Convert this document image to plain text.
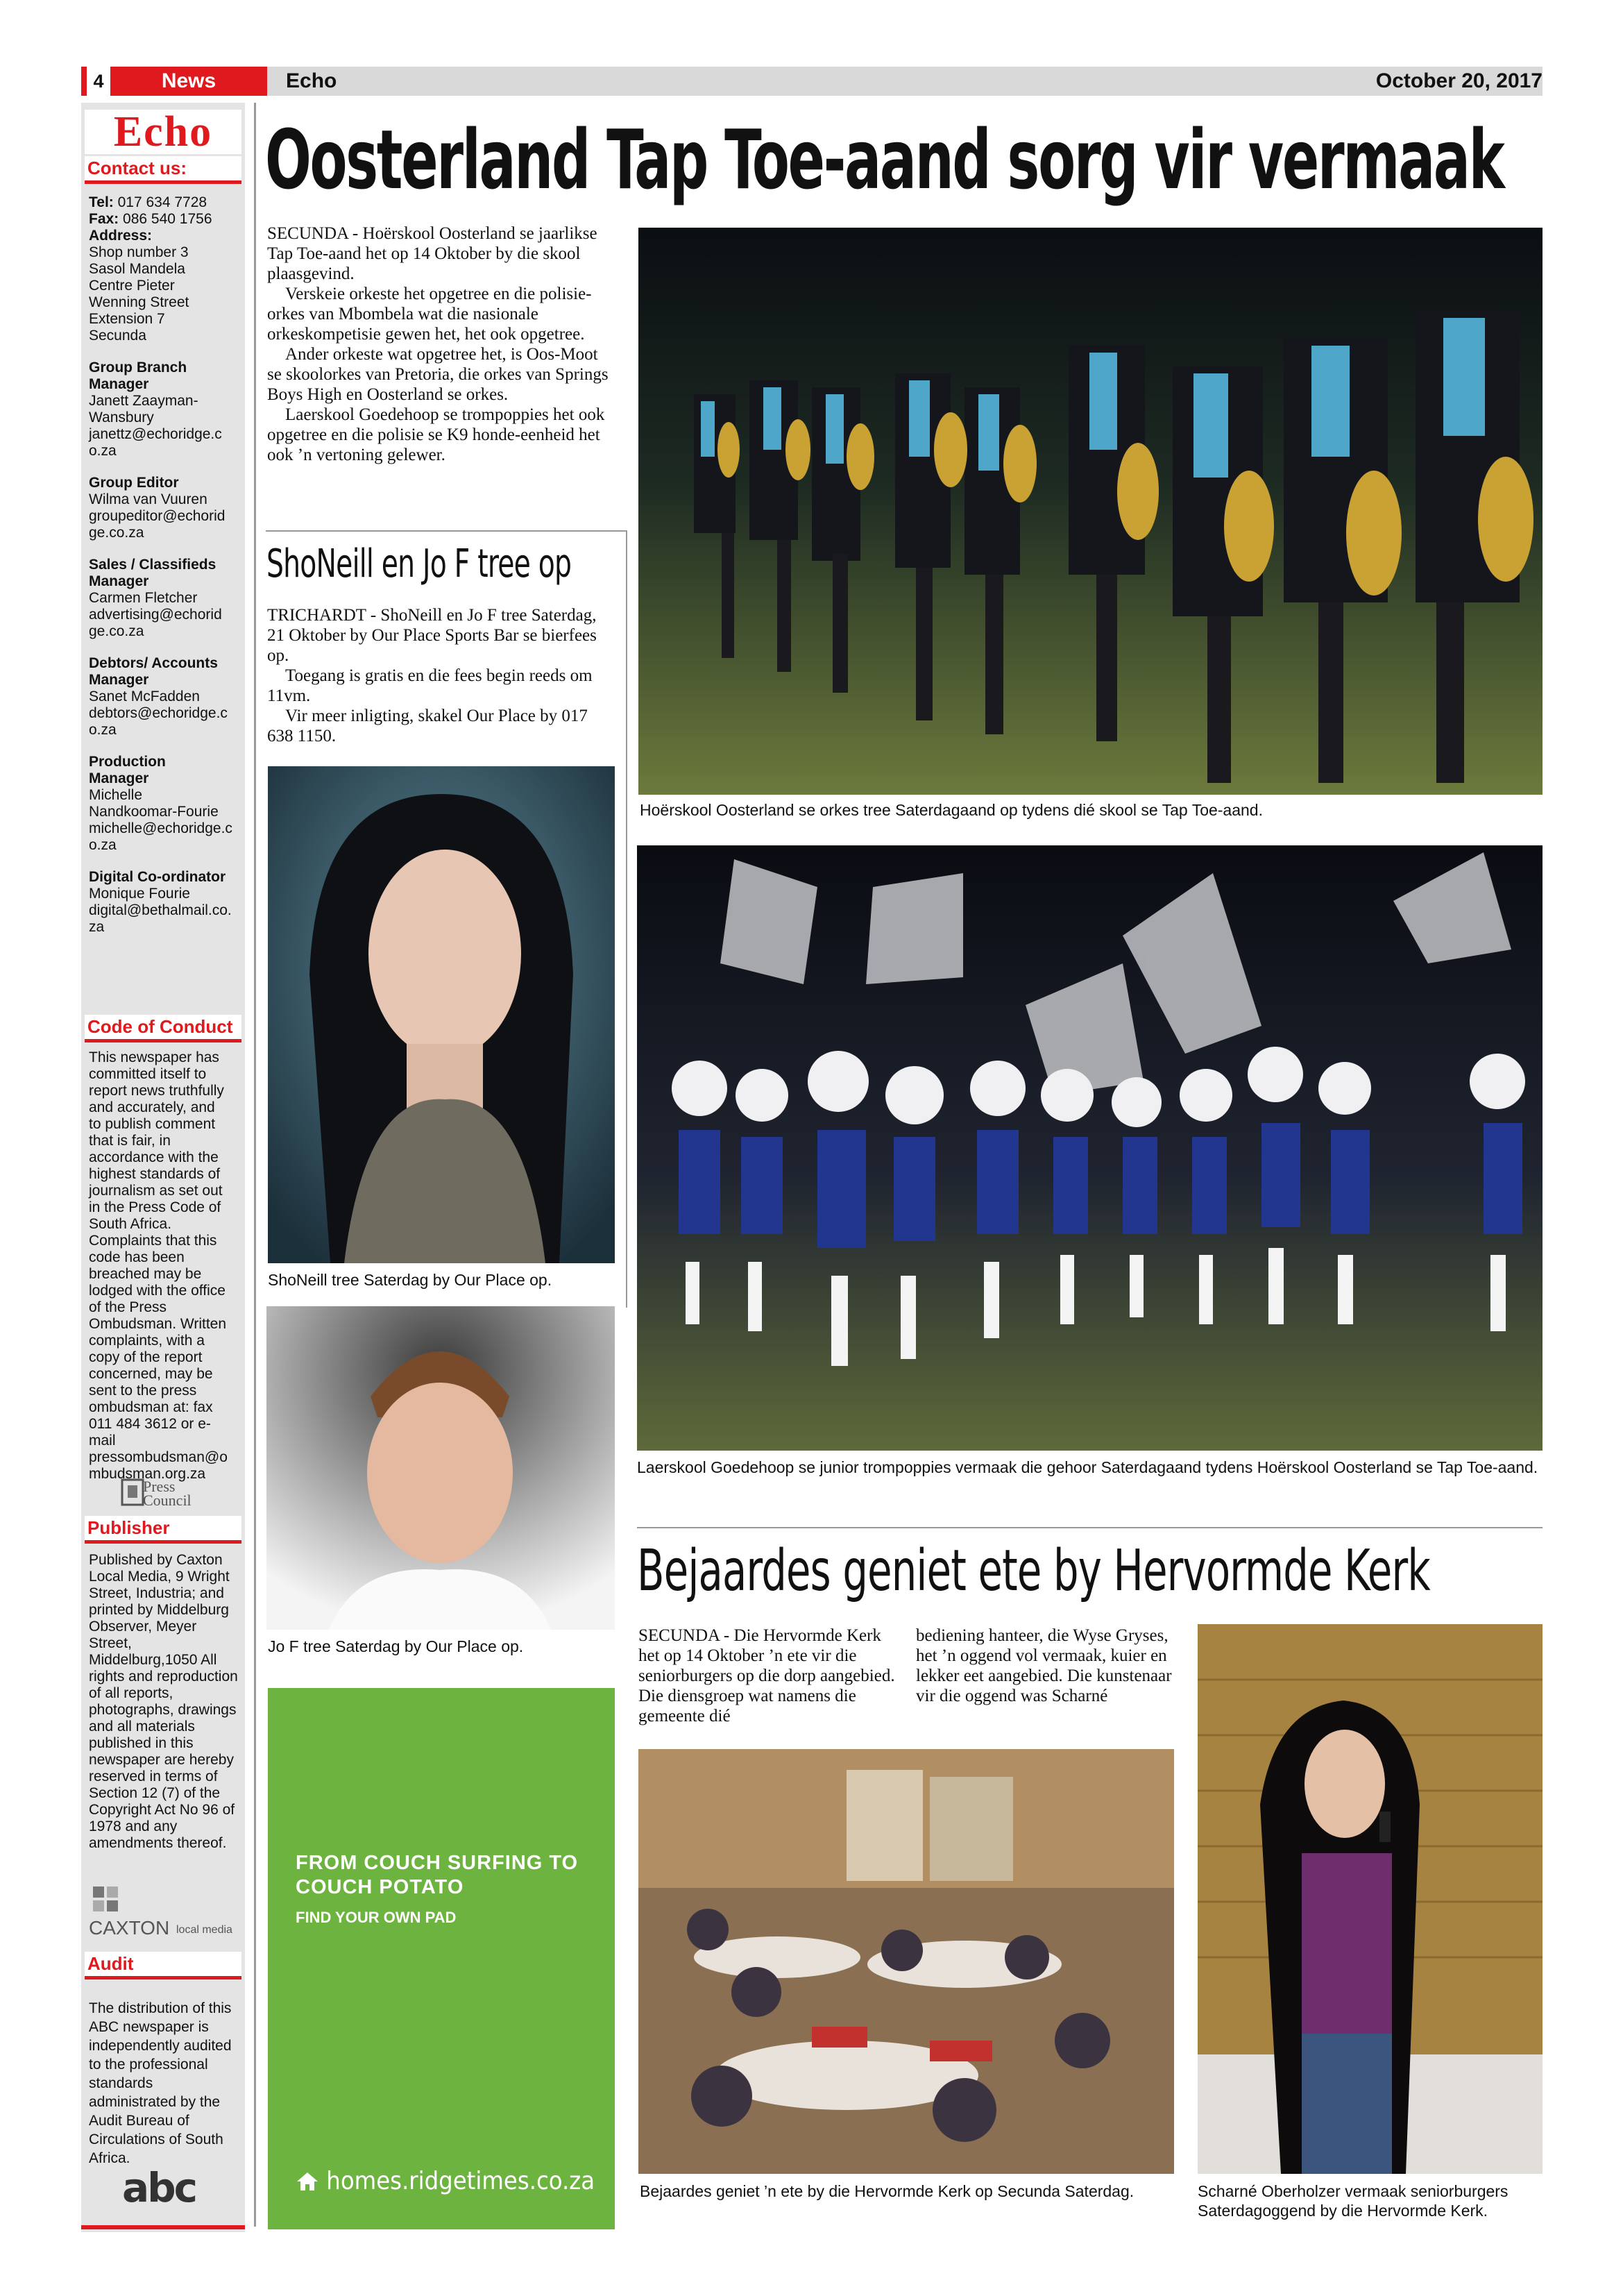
4	News	Echo	October 20, 2017
Echo
Contact us:
Tel: 017 634 7728
Fax: 086 540 1756
Address:
Shop number 3 Sasol Mandela Centre Pieter Wenning Street Extension 7 Secunda
Group Branch Manager
Janett Zaayman-Wansbury
janettz@echoridge.co.za
Group Editor
Wilma van Vuuren
groupeditor@echoridge.co.za
Sales / Classifieds Manager
Carmen Fletcher
advertising@echoridge.co.za
Debtors/ Accounts Manager
Sanet McFadden
debtors@echoridge.co.za
Production Manager
Michelle Nandkoomar-Fourie
michelle@echoridge.co.za
Digital Co-ordinator
Monique Fourie
digital@bethalmail.co.za
Code of Conduct
This newspaper has committed itself to report news truthfully and accurately, and to publish comment that is fair, in accordance with the highest standards of journalism as set out in the Press Code of South Africa. Complaints that this code has been breached may be lodged with the office of the Press Ombudsman. Written complaints, with a copy of the report concerned, may be sent to the press ombudsman at: fax 011 484 3612 or e-mail pressombudsman@ombudsman.org.za
Press Council
Publisher
Published by Caxton Local Media, 9 Wright Street, Industria; and printed by Middelburg Observer, Meyer Street, Middelburg,1050 All rights and reproduction of all reports, photographs, drawings and all materials published in this newspaper are hereby reserved in terms of Section 12 (7) of the Copyright Act No 96 of 1978 and any amendments thereof.
CAXTON local media
Audit
The distribution of this ABC newspaper is independently audited to the professional standards administrated by the Audit Bureau of Circulations of South Africa.
abc
Oosterland Tap Toe-aand sorg vir vermaak

SECUNDA - Hoërskool Oosterland se jaarlikse Tap Toe-aand het op 14 Oktober by die skool plaasgevind.

Verskeie orkeste het opgetree en die polisie-orkes van Mbombela wat die nasionale orkeskompetisie gewen het, het ook opgetree.

Ander orkeste wat opgetree het, is Oos-Moot se skoolorkes van Pretoria, die orkes van Springs Boys High en Oosterland se orkes.

Laerskool Goedehoop se trompoppies het ook opgetree en die polisie se K9 honde-eenheid het ook ’n vertoning gelewer.

Hoërskool Oosterland se orkes tree Saterdagaand op tydens dié skool se Tap Toe-aand.
Laerskool Goedehoop se junior trompoppies vermaak die gehoor Saterdagaand tydens Hoërskool Oosterland se Tap Toe-aand.
ShoNeill en Jo F tree op

TRICHARDT - ShoNeill en Jo F tree Saterdag, 21 Oktober by Our Place Sports Bar se bierfees op.

Toegang is gratis en die fees begin reeds om 11vm.

Vir meer inligting, skakel Our Place by 017 638 1150.

ShoNeill tree Saterdag by Our Place op.
Jo F tree Saterdag by Our Place op.
FROM COUCH SURFING TO COUCH POTATO
FIND YOUR OWN PAD
homes.ridgetimes.co.za
Bejaardes geniet ete by Hervormde Kerk

SECUNDA - Die Hervormde Kerk het op 14 Oktober ’n ete vir die seniorburgers op die dorp aangebied. Die diensgroep wat namens die gemeente dié

bediening hanteer, die Wyse Gryses, het ’n oggend vol vermaak, kuier en lekker eet aangebied. Die kunstenaar vir die oggend was Scharné

Bejaardes geniet ’n ete by die Hervormde Kerk op Secunda Saterdag.	Scharné Oberholzer vermaak seniorburgers Saterdagoggend by die Hervormde Kerk.
